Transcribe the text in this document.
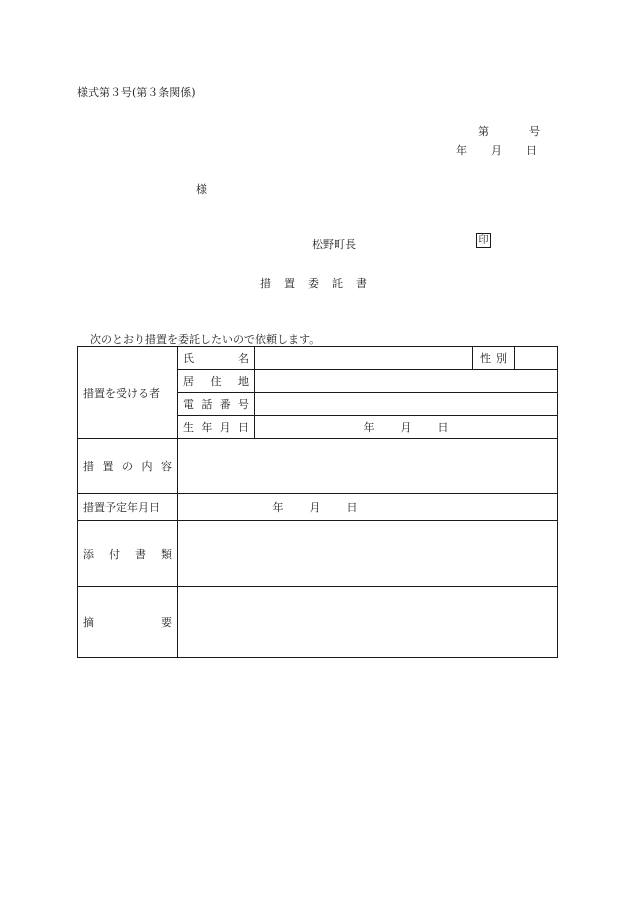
様式第３号(第３条関係)
第	号
年 月 日
様
松野町長	印
措置委託書
次のとおり措置を委託したいので依頼します。
措置を受ける者	氏 名		性 別	

	居 住 地			

	電 話 番 号			

	生 年 月 日	年 月 日		

措 置 の 内 容				

措置予定年月日	年 月 日			

添 付 書 類				

摘 要				
